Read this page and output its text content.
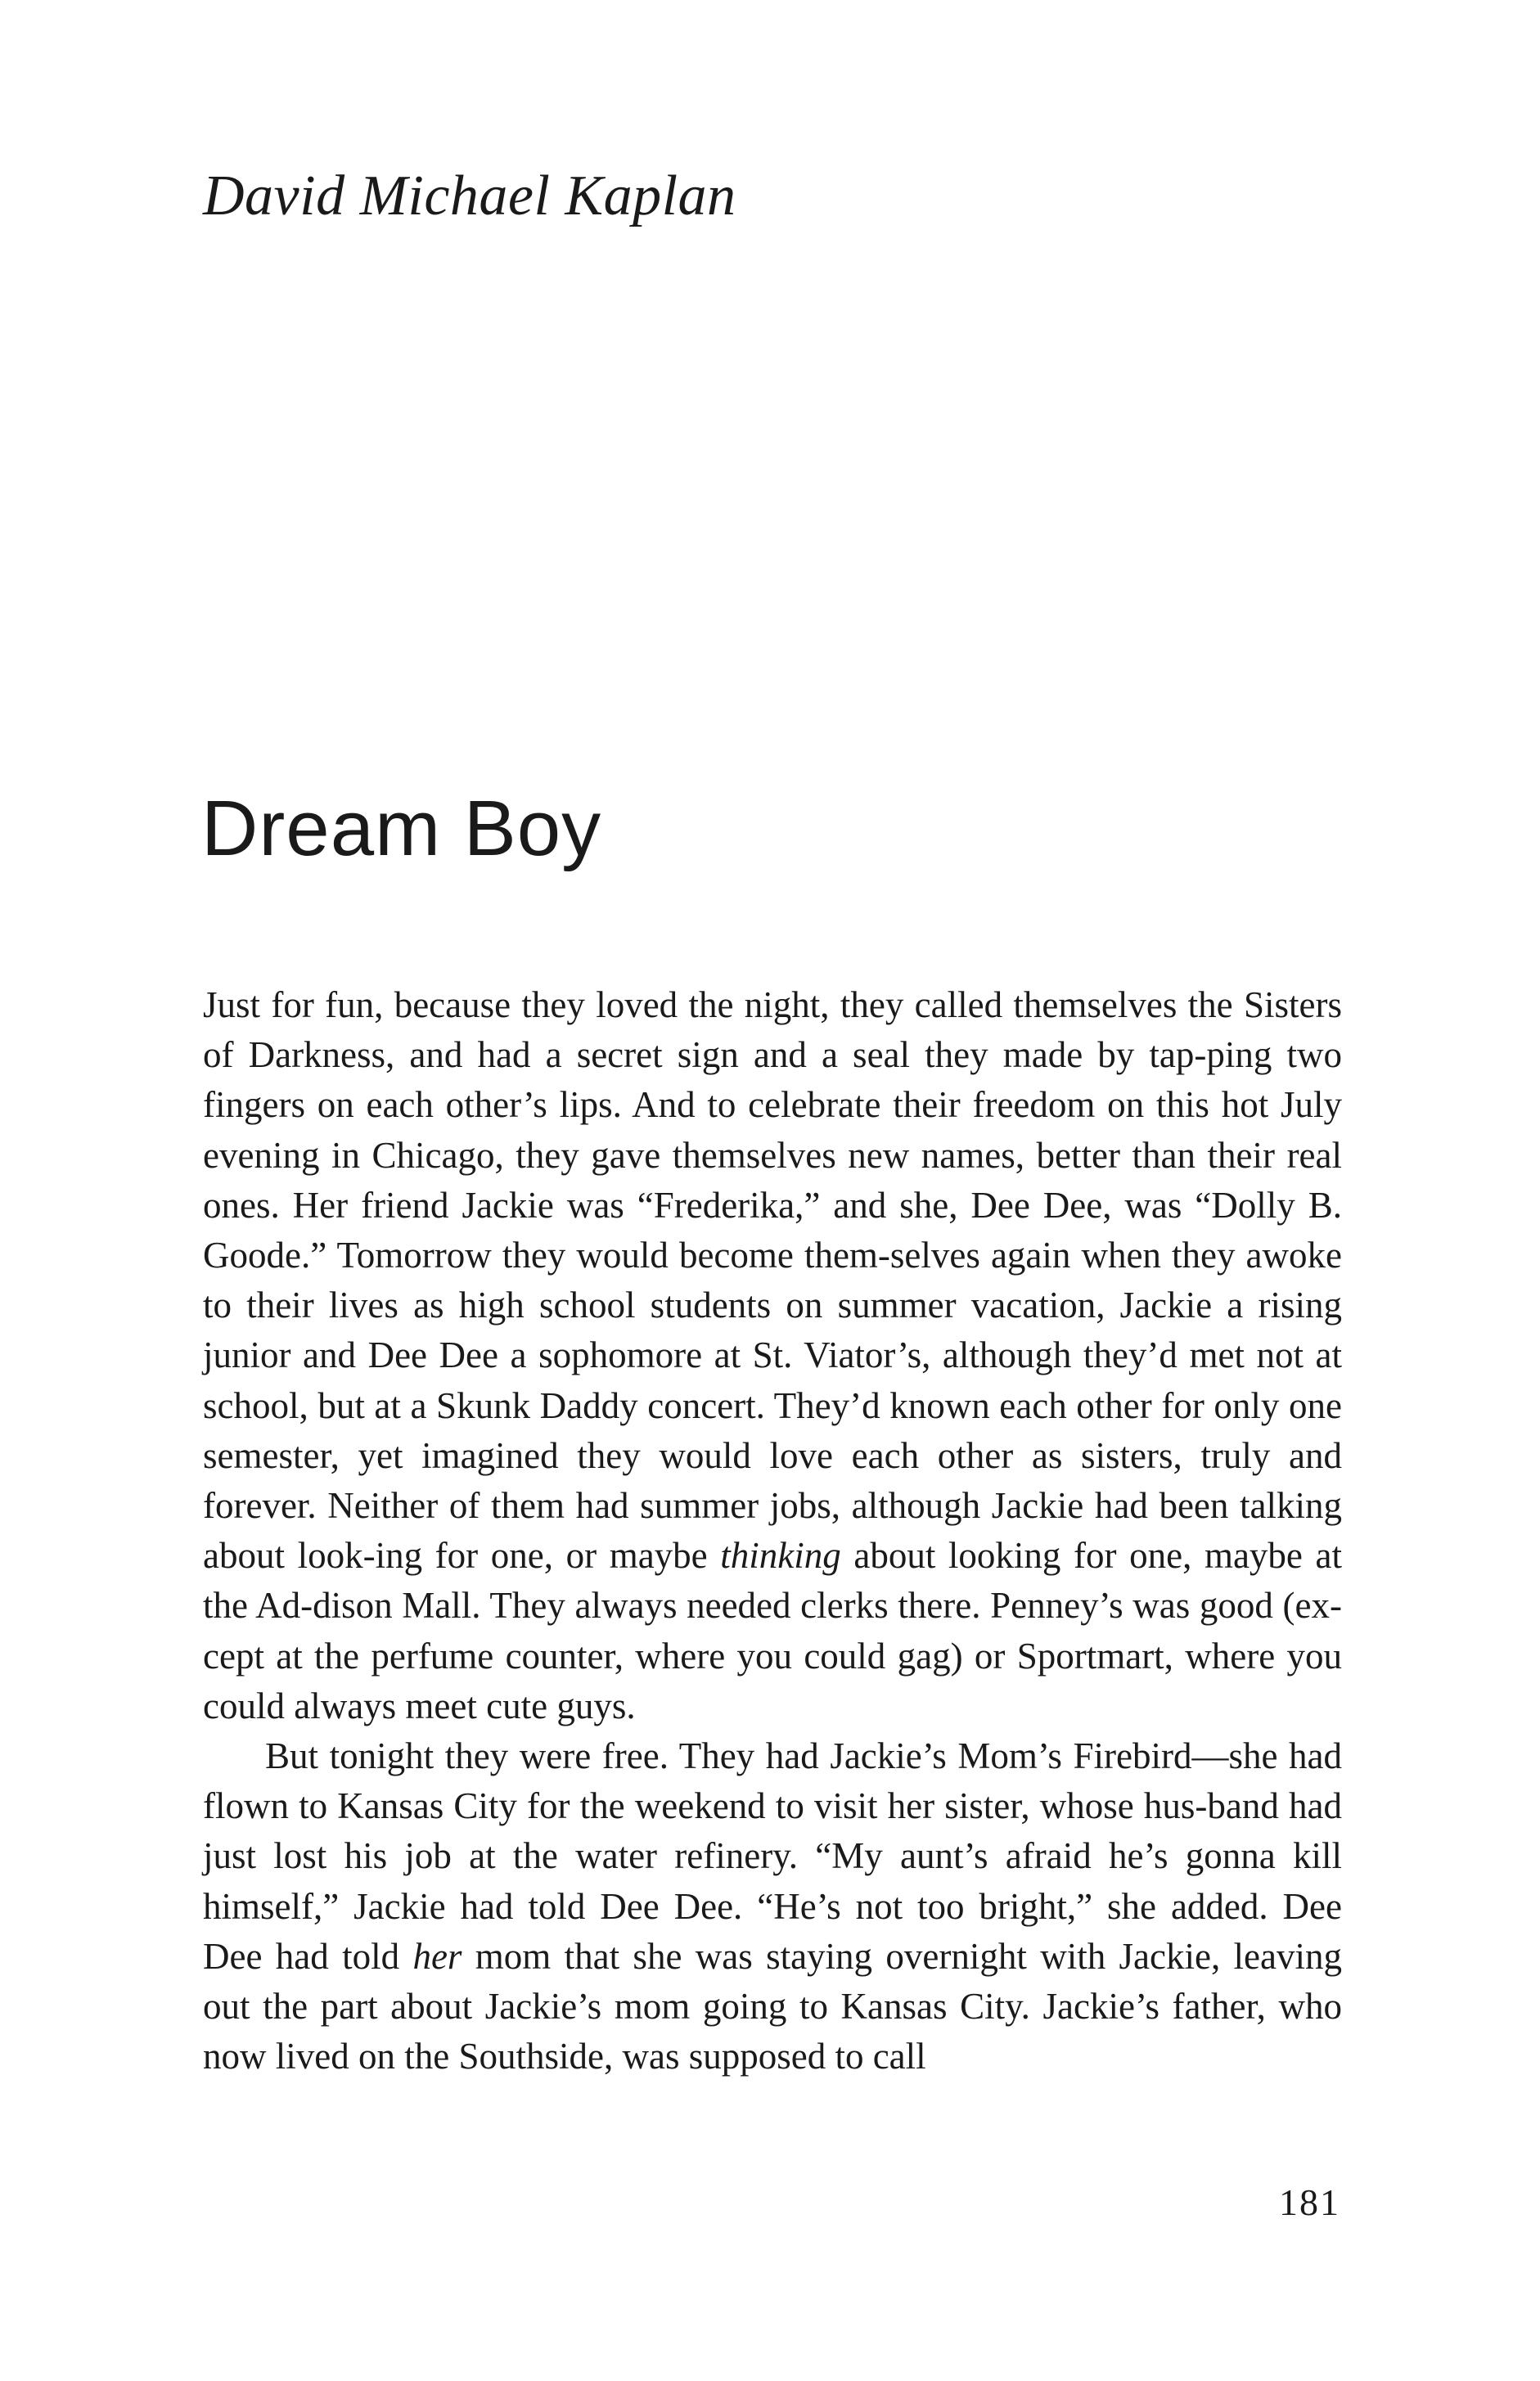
David Michael Kaplan
Dream Boy

Just for fun, because they loved the night, they called themselves the Sisters of Darkness, and had a secret sign and a seal they made by tap-ping two fingers on each other’s lips. And to celebrate their freedom on this hot July evening in Chicago, they gave themselves new names, better than their real ones. Her friend Jackie was “Frederika,” and she, Dee Dee, was “Dolly B. Goode.” Tomorrow they would become them-selves again when they awoke to their lives as high school students on summer vacation, Jackie a rising junior and Dee Dee a sophomore at St. Viator’s, although they’d met not at school, but at a Skunk Daddy concert. They’d known each other for only one semester, yet imagined they would love each other as sisters, truly and forever. Neither of them had summer jobs, although Jackie had been talking about look-ing for one, or maybe thinking about looking for one, maybe at the Ad-dison Mall. They always needed clerks there. Penney’s was good (ex-cept at the perfume counter, where you could gag) or Sportmart, where you could always meet cute guys.

But tonight they were free. They had Jackie’s Mom’s Firebird—she had flown to Kansas City for the weekend to visit her sister, whose hus-band had just lost his job at the water refinery. “My aunt’s afraid he’s gonna kill himself,” Jackie had told Dee Dee. “He’s not too bright,” she added. Dee Dee had told her mom that she was staying overnight with Jackie, leaving out the part about Jackie’s mom going to Kansas City. Jackie’s father, who now lived on the Southside, was supposed to call

181
